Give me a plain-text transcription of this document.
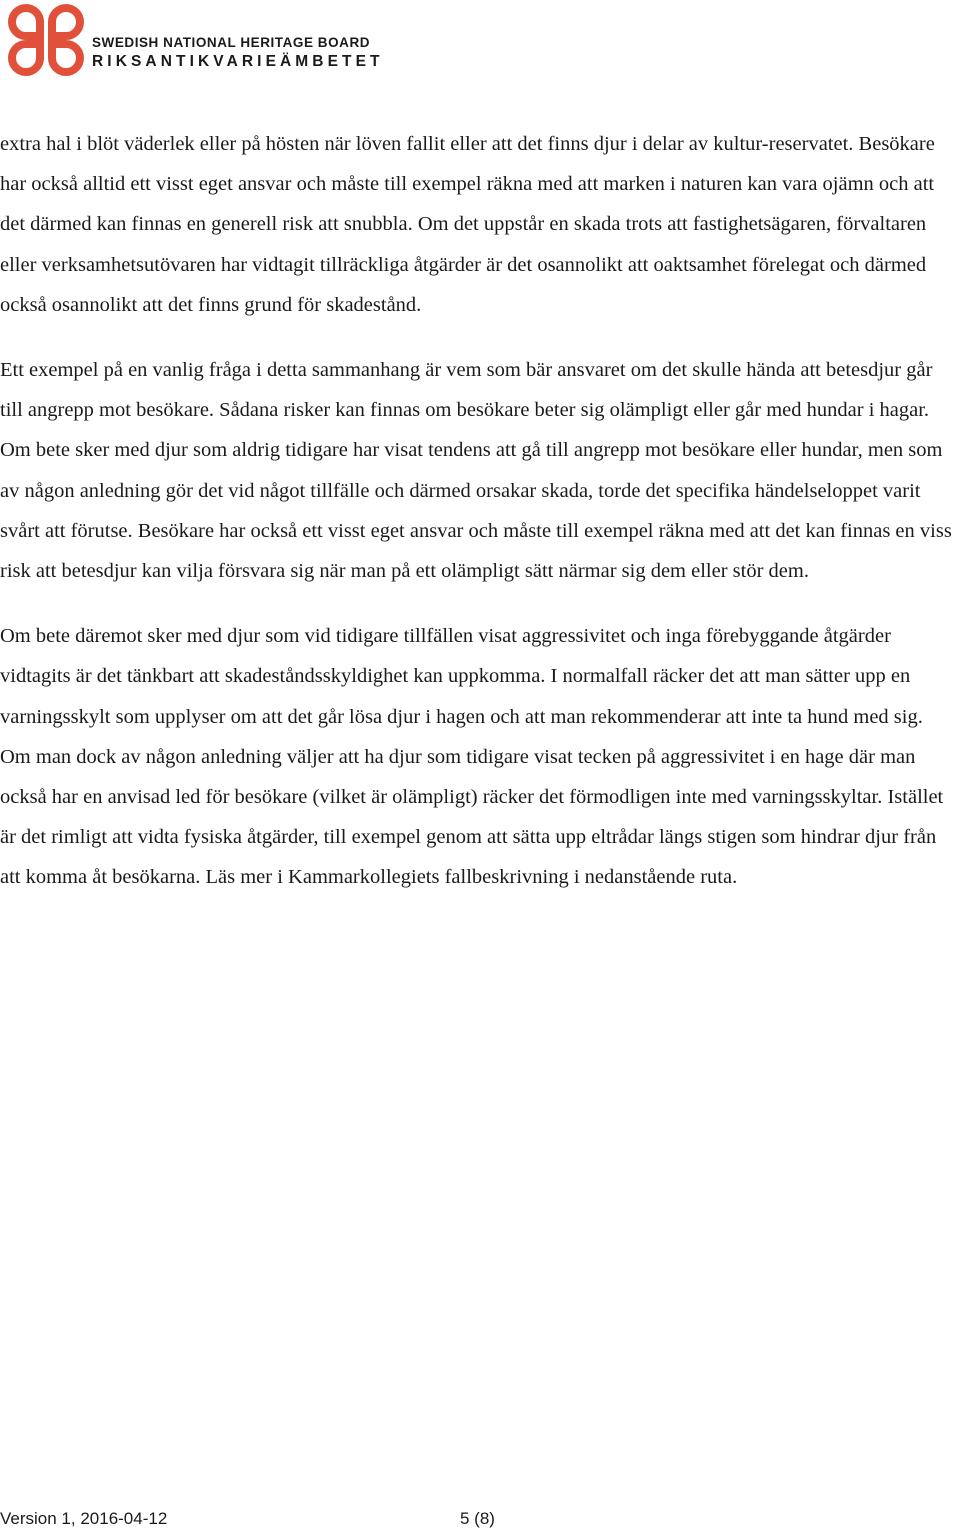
SWEDISH NATIONAL HERITAGE BOARD
RIKSANTIKVARIEÄMBETET

extra hal i blöt väderlek eller på hösten när löven fallit eller att det finns djur i delar av kultur-reservatet. Besökare har också alltid ett visst eget ansvar och måste till exempel räkna med att marken i naturen kan vara ojämn och att det därmed kan finnas en generell risk att snubbla. Om det uppstår en skada trots att fastighetsägaren, förvaltaren eller verksamhetsutövaren har vidtagit tillräckliga åtgärder är det osannolikt att oaktsamhet förelegat och därmed också osannolikt att det finns grund för skadestånd.

Ett exempel på en vanlig fråga i detta sammanhang är vem som bär ansvaret om det skulle hända att betesdjur går till angrepp mot besökare. Sådana risker kan finnas om besökare beter sig olämpligt eller går med hundar i hagar. Om bete sker med djur som aldrig tidigare har visat tendens att gå till angrepp mot besökare eller hundar, men som av någon anledning gör det vid något tillfälle och därmed orsakar skada, torde det specifika händelseloppet varit svårt att förutse. Besökare har också ett visst eget ansvar och måste till exempel räkna med att det kan finnas en viss risk att betesdjur kan vilja försvara sig när man på ett olämpligt sätt närmar sig dem eller stör dem.

Om bete däremot sker med djur som vid tidigare tillfällen visat aggressivitet och inga förebyggande åtgärder vidtagits är det tänkbart att skadeståndsskyldighet kan uppkomma. I normalfall räcker det att man sätter upp en varningsskylt som upplyser om att det går lösa djur i hagen och att man rekommenderar att inte ta hund med sig. Om man dock av någon anledning väljer att ha djur som tidigare visat tecken på aggressivitet i en hage där man också har en anvisad led för besökare (vilket är olämpligt) räcker det förmodligen inte med varningsskyltar. Istället är det rimligt att vidta fysiska åtgärder, till exempel genom att sätta upp eltrådar längs stigen som hindrar djur från att komma åt besökarna. Läs mer i Kammarkollegiets fallbeskrivning i nedanstående ruta.

Version 1, 2016-04-12	5 (8)
